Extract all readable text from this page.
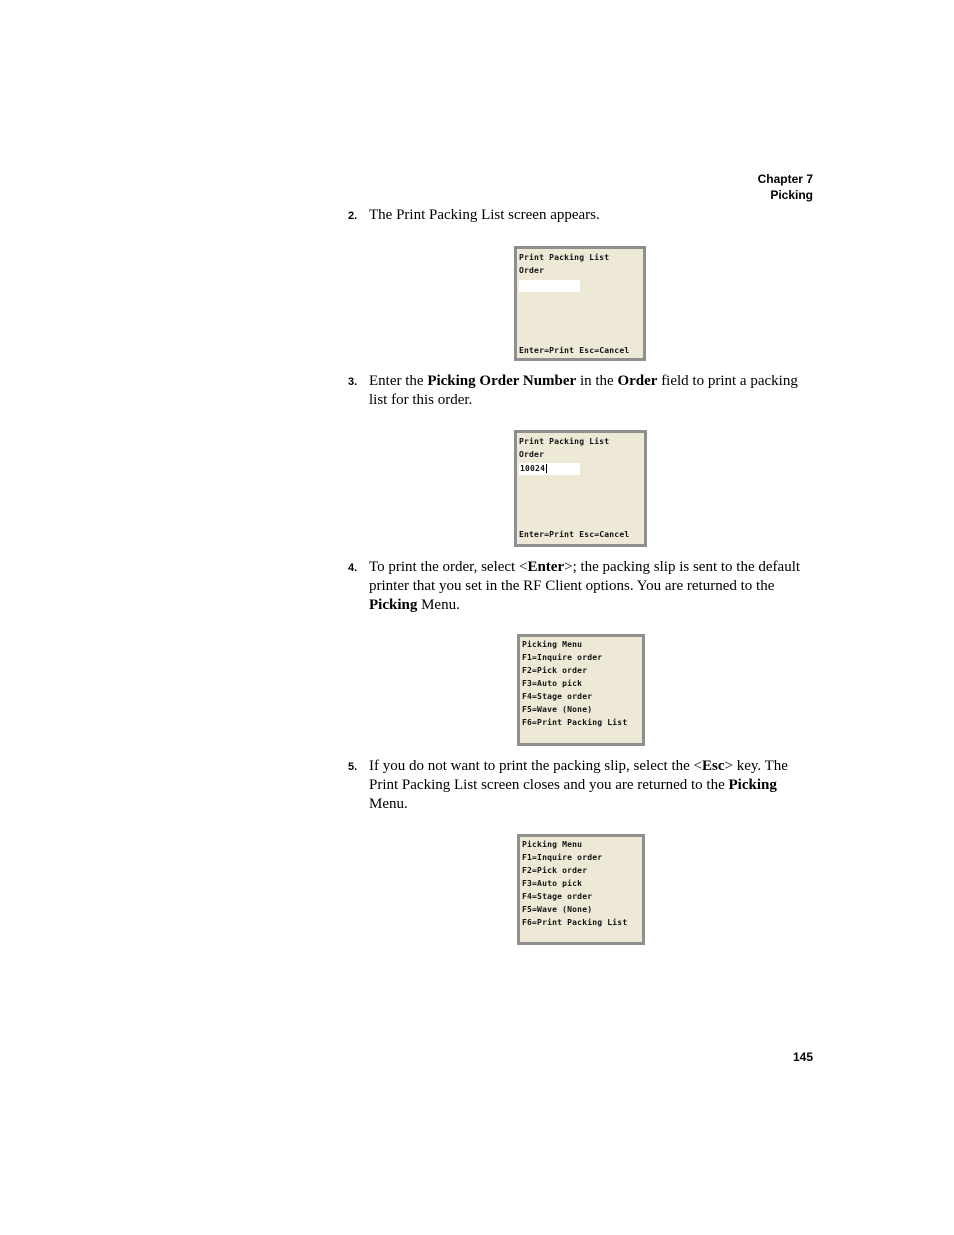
Chapter 7
Picking
2. The Print Packing List screen appears.
Print Packing List
Order
Enter=Print Esc=Cancel
3. Enter the Picking Order Number in the Order field to print a packing list for this order.
Print Packing List
Order
10024
Enter=Print Esc=Cancel
4. To print the order, select <Enter>; the packing slip is sent to the default printer that you set in the RF Client options. You are returned to the Picking Menu.
Picking Menu
F1=Inquire order
F2=Pick order
F3=Auto pick
F4=Stage order
F5=Wave (None)
F6=Print Packing List
5. If you do not want to print the packing slip, select the <Esc> key. The Print Packing List screen closes and you are returned to the Picking Menu.
Picking Menu
F1=Inquire order
F2=Pick order
F3=Auto pick
F4=Stage order
F5=Wave (None)
F6=Print Packing List
145
